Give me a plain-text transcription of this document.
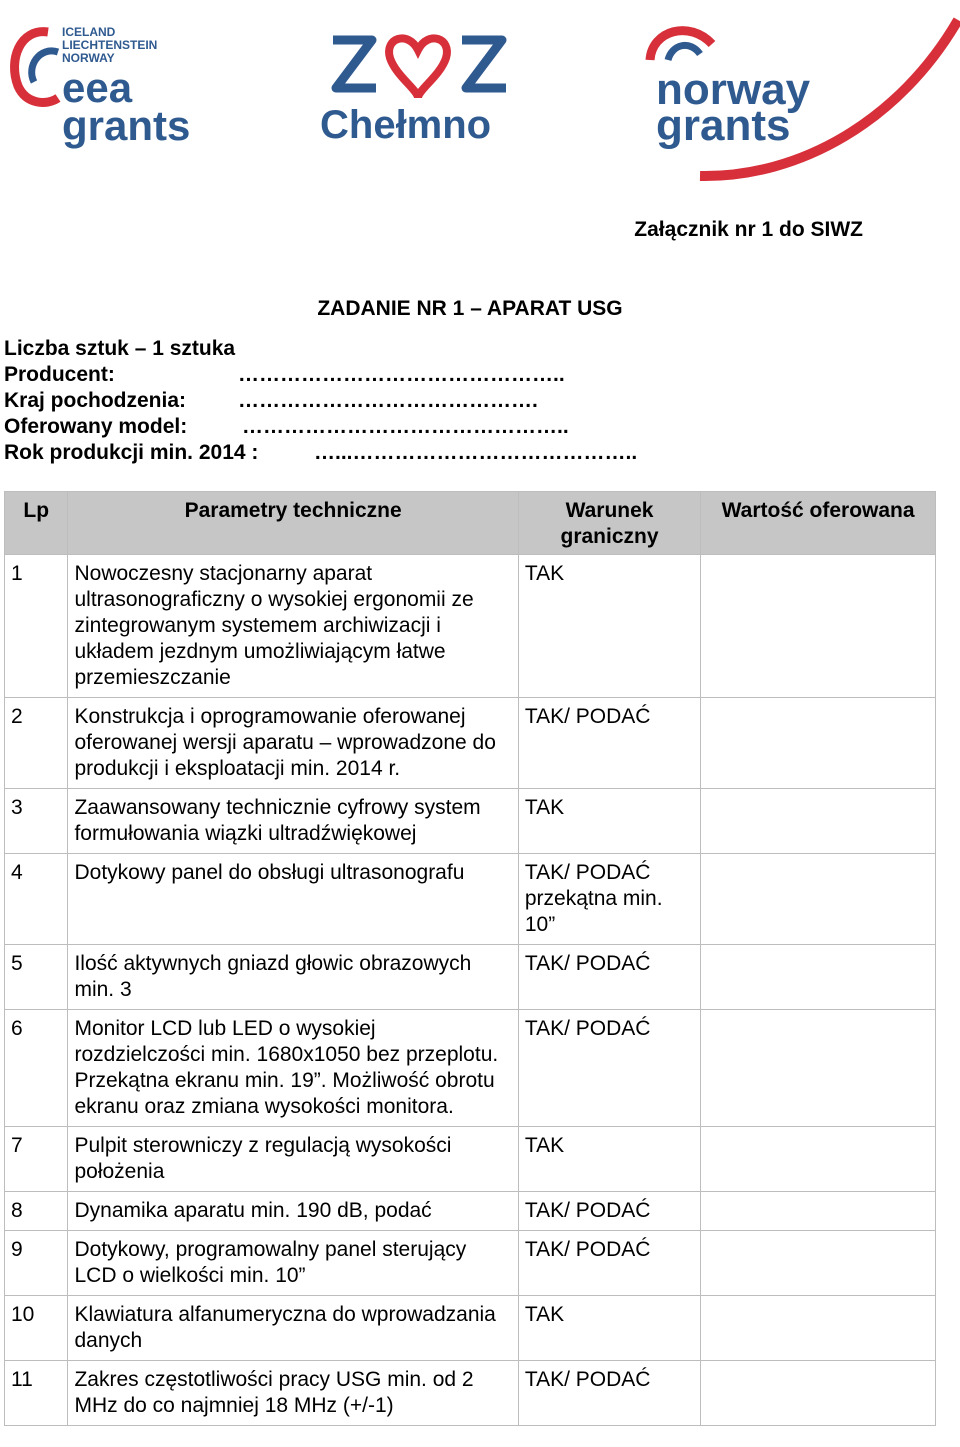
ICELAND
LIECHTENSTEIN
NORWAY
eea
grants	Chełmno
norway
grants
Załącznik nr 1 do SIWZ
ZADANIE NR 1 – APARAT USG
Liczba sztuk – 1 sztuka
Producent:	………………………………………..
Kraj pochodzenia: …………………………………….
Oferowany model:	………………………………………..
Rok produkcji min. 2014 :	…...…………………………………..
Lp	Parametry techniczne	Warunek graniczny	Wartość oferowana
1	Nowoczesny stacjonarny aparat ultrasonograficzny o wysokiej ergonomii ze zintegrowanym systemem archiwizacji i układem jezdnym umożliwiającym łatwe przemieszczanie	TAK	
2	Konstrukcja i oprogramowanie oferowanej oferowanej wersji aparatu – wprowadzone do produkcji i eksploatacji min. 2014 r.	TAK/ PODAĆ	
3	Zaawansowany technicznie cyfrowy system formułowania wiązki ultradźwiękowej	TAK	
4	Dotykowy panel do obsługi ultrasonografu	TAK/ PODAĆ przekątna min. 10”	
5	Ilość aktywnych gniazd głowic obrazowych min. 3	TAK/ PODAĆ	
6	Monitor LCD lub LED o wysokiej rozdzielczości min. 1680x1050 bez przeplotu. Przekątna ekranu min. 19”. Możliwość obrotu ekranu oraz zmiana wysokości monitora.	TAK/ PODAĆ	
7	Pulpit sterowniczy z regulacją wysokości położenia	TAK	
8	Dynamika aparatu min. 190 dB, podać	TAK/ PODAĆ	
9	Dotykowy, programowalny panel sterujący LCD o wielkości min. 10”	TAK/ PODAĆ	
10	Klawiatura alfanumeryczna do wprowadzania danych	TAK	
11	Zakres częstotliwości pracy USG min. od 2 MHz do co najmniej 18 MHz (+/-1)	TAK/ PODAĆ	
